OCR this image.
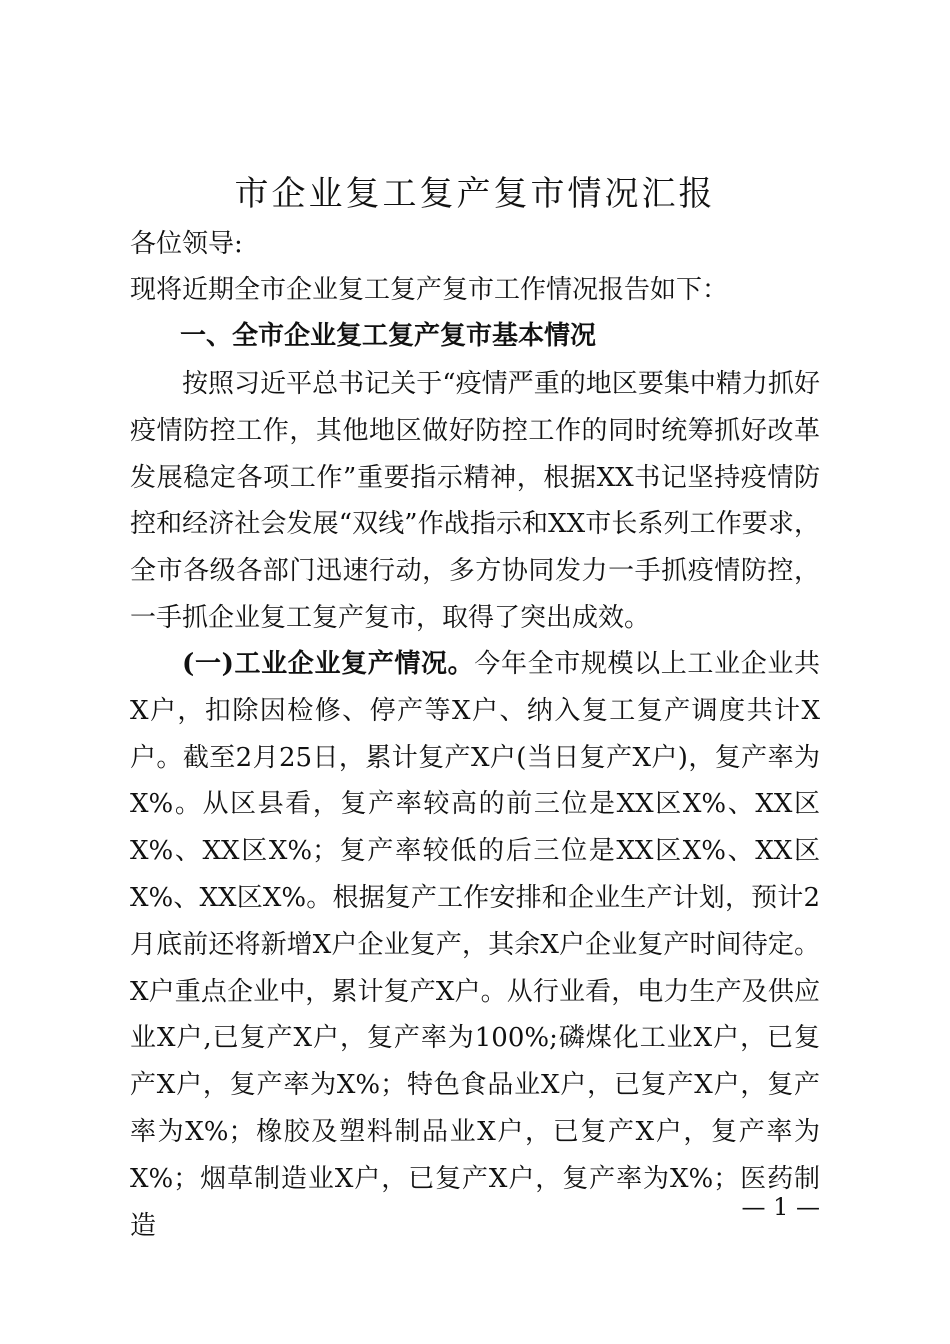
市企业复工复产复市情况汇报
各位领导:
现将近期全市企业复工复产复市工作情况报告如下：
一、全市企业复工复产复市基本情况
按照习近平总书记关于“疫情严重的地区要集中精力抓好疫情防控工作，其他地区做好防控工作的同时统筹抓好改革发展稳定各项工作”重要指示精神，根据XX书记坚持疫情防控和经济社会发展“双线”作战指示和XX市长系列工作要求，全市各级各部门迅速行动，多方协同发力一手抓疫情防控，一手抓企业复工复产复市，取得了突出成效。
(一)工业企业复产情况。今年全市规模以上工业企业共X户，扣除因检修、停产等X户、纳入复工复产调度共计X户。截至2月25日，累计复产X户(当日复产X户)，复产率为X%。从区县看，复产率较高的前三位是XX区X%、XX区X%、XX区X%；复产率较低的后三位是XX区X%、XX区X%、XX区X%。根据复产工作安排和企业生产计划，预计2月底前还将新增X户企业复产，其余X户企业复产时间待定。X户重点企业中，累计复产X户。从行业看，电力生产及供应业X户,已复产X户，复产率为100%;磷煤化工业X户，已复产X户，复产率为X%；特色食品业X户，已复产X户，复产率为X%；橡胶及塑料制品业X户，已复产X户，复产率为X%；烟草制造业X户，已复产X户，复产率为X%；医药制造
— 1 —
